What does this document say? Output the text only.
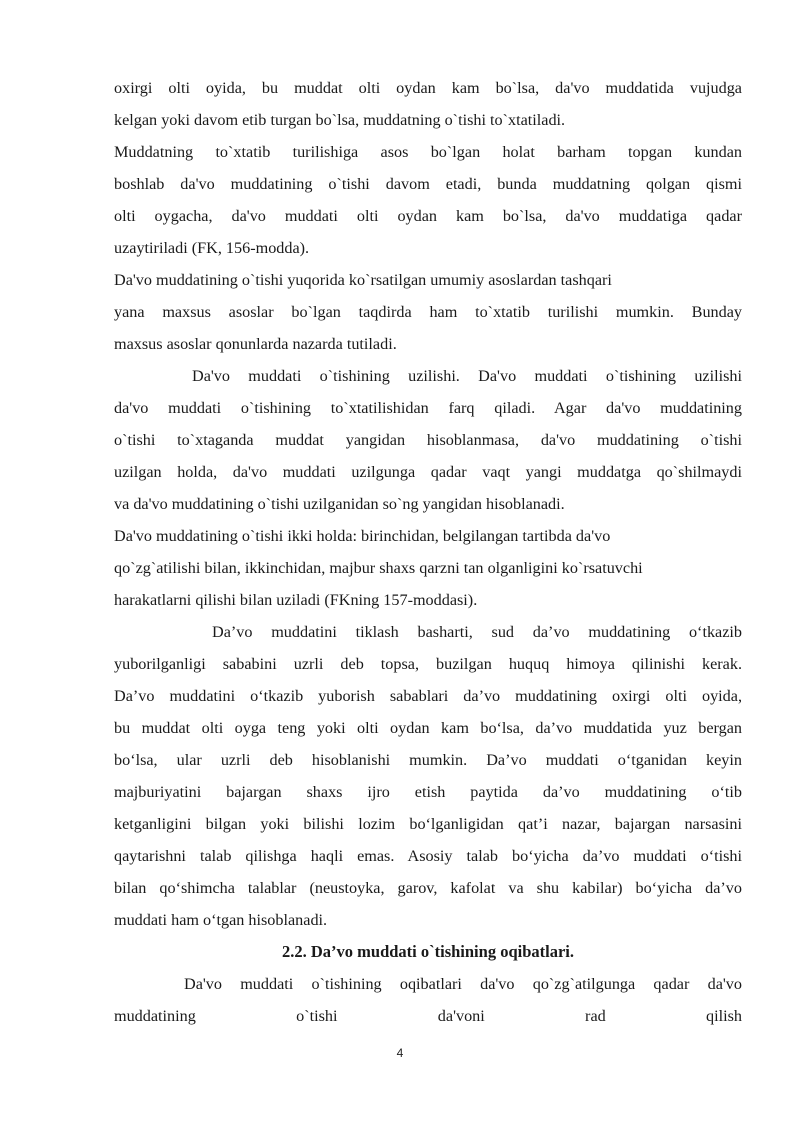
oxirgi olti oyida, bu muddat olti oydan kam bo`lsa, da'vo muddatida vujudga

kelgan yoki davom etib turgan bo`lsa, muddatning o`tishi to`xtatiladi.

Muddatning to`xtatib turilishiga asos bo`lgan holat barham topgan kundan

boshlab da'vo muddatining o`tishi davom etadi, bunda muddatning qolgan qismi

olti oygacha, da'vo muddati olti oydan kam bo`lsa, da'vo muddatiga qadar

uzaytiriladi (FK, 156-modda).

Da'vo muddatining o`tishi yuqorida ko`rsatilgan umumiy asoslardan tashqari

yana maxsus asoslar bo`lgan taqdirda ham to`xtatib turilishi mumkin. Bunday

maxsus asoslar qonunlarda nazarda tutiladi.

Da'vo muddati o`tishining uzilishi. Da'vo muddati o`tishining uzilishi

da'vo muddati o`tishining to`xtatilishidan farq qiladi. Agar da'vo muddatining

o`tishi to`xtaganda muddat yangidan hisoblanmasa, da'vo muddatining o`tishi

uzilgan holda, da'vo muddati uzilgunga qadar vaqt yangi muddatga qo`shilmaydi

va da'vo muddatining o`tishi uzilganidan so`ng yangidan hisoblanadi.

Da'vo muddatining o`tishi ikki holda: birinchidan, belgilangan tartibda da'vo

qo`zg`atilishi bilan, ikkinchidan, majbur shaxs qarzni tan olganligini ko`rsatuvchi

harakatlarni qilishi bilan uziladi (FKning 157-moddasi).

Da’vo muddatini tiklash basharti, sud da’vo muddatining o‘tkazib

yuborilganligi sababini uzrli deb topsa, buzilgan huquq himoya qilinishi kerak.

Da’vo muddatini o‘tkazib yuborish sabablari da’vo muddatining oxirgi olti oyida,

bu muddat olti oyga teng yoki olti oydan kam bo‘lsa, da’vo muddatida yuz bergan

bo‘lsa, ular uzrli deb hisoblanishi mumkin. Da’vo muddati o‘tganidan keyin

majburiyatini bajargan shaxs ijro etish paytida da’vo muddatining o‘tib

ketganligini bilgan yoki bilishi lozim bo‘lganligidan qat’i nazar, bajargan narsasini

qaytarishni talab qilishga haqli emas. Asosiy talab bo‘yicha da’vo muddati o‘tishi

bilan qo‘shimcha talablar (neustoyka, garov, kafolat va shu kabilar) bo‘yicha da’vo

muddati ham o‘tgan hisoblanadi.

2.2. Da’vo muddati o`tishining oqibatlari.

Da'vo muddati o`tishining oqibatlari da'vo qo`zg`atilgunga qadar da'vo

muddatining o`tishi da'voni rad qilish

4
